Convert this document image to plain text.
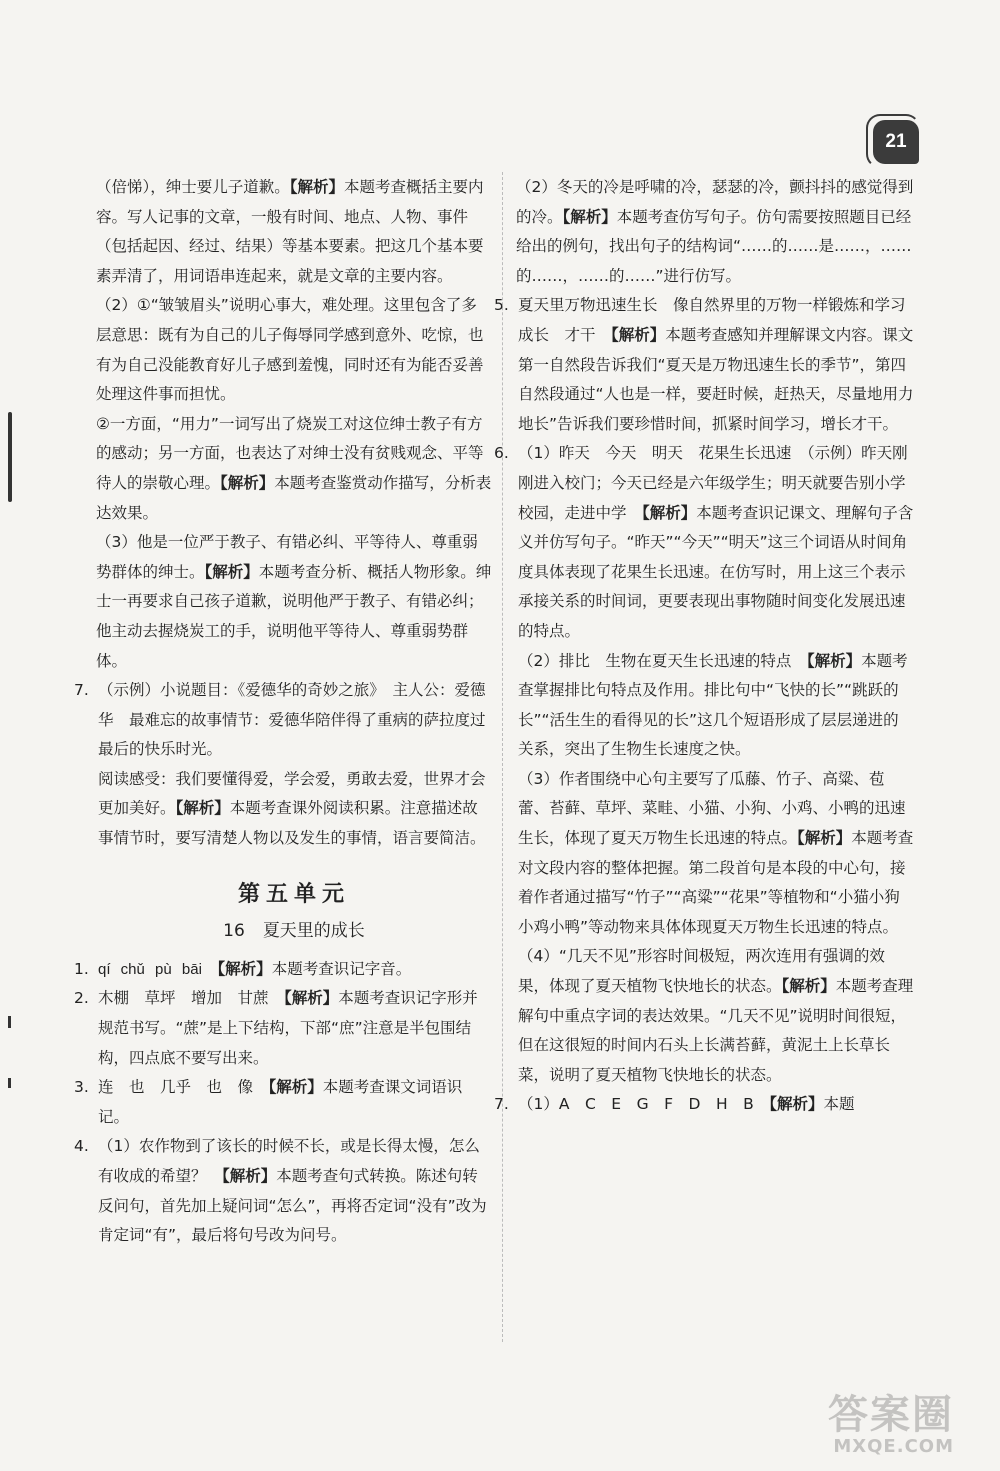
21

（倍悌），绅士要儿子道歉。【解析】本题考查概括主要内容。写人记事的文章，一般有时间、地点、人物、事件（包括起因、经过、结果）等基本要素。把这几个基本要素弄清了，用词语串连起来，就是文章的主要内容。

（2）①“皱皱眉头”说明心事大，难处理。这里包含了多层意思：既有为自己的儿子侮辱同学感到意外、吃惊，也有为自己没能教育好儿子感到羞愧，同时还有为能否妥善处理这件事而担忧。

②一方面，“用力”一词写出了烧炭工对这位绅士教子有方的感动；另一方面，也表达了对绅士没有贫贱观念、平等待人的崇敬心理。【解析】本题考查鉴赏动作描写，分析表达效果。

（3）他是一位严于教子、有错必纠、平等待人、尊重弱势群体的绅士。【解析】本题考查分析、概括人物形象。绅士一再要求自己孩子道歉，说明他严于教子、有错必纠；他主动去握烧炭工的手，说明他平等待人、尊重弱势群体。

7. （示例）小说题目：《爱德华的奇妙之旅》　主人公：爱德华　最难忘的故事情节：爱德华陪伴得了重病的萨拉度过最后的快乐时光。

阅读感受：我们要懂得爱，学会爱，勇敢去爱，世界才会更加美好。【解析】本题考查课外阅读积累。注意描述故事情节时，要写清楚人物以及发生的事情，语言要简洁。

第五单元
16 夏天里的成长
1. qí chǔ pù bāi　 【解析】本题考查识记字音。

2. 木棚　草坪　增加　甘蔗　 【解析】本题考查识记字形并规范书写。“蔗”是上下结构，下部“庶”注意是半包围结构，四点底不要写出来。

3. 连　也　几乎　也　像　 【解析】本题考查课文词语识记。

4. （1）农作物到了该长的时候不长，或是长得太慢，怎么有收成的希望？　 【解析】本题考查句式转换。陈述句转反问句，首先加上疑问词“怎么”，再将否定词“没有”改为肯定词“有”，最后将句号改为问号。

（2）冬天的冷是呼啸的冷，瑟瑟的冷，颤抖抖的感觉得到的冷。【解析】本题考查仿写句子。仿句需要按照题目已经给出的例句，找出句子的结构词“……的……是……，……的……，……的……”进行仿写。

5. 夏天里万物迅速生长　像自然界里的万物一样锻炼和学习　成长　才干　 【解析】本题考查感知并理解课文内容。课文第一自然段告诉我们“夏天是万物迅速生长的季节”，第四自然段通过“人也是一样，要赶时候，赶热天，尽量地用力地长”告诉我们要珍惜时间，抓紧时间学习，增长才干。

6. （1）昨天　今天　明天　花果生长迅速　（示例）昨天刚刚进入校门；今天已经是六年级学生；明天就要告别小学校园，走进中学　 【解析】本题考查识记课文、理解句子含义并仿写句子。“昨天”“今天”“明天”这三个词语从时间角度具体表现了花果生长迅速。在仿写时，用上这三个表示承接关系的时间词，更要表现出事物随时间变化发展迅速的特点。

（2）排比　生物在夏天生长迅速的特点　 【解析】本题考查掌握排比句特点及作用。排比句中“飞快的长”“跳跃的长”“活生生的看得见的长”这几个短语形成了层层递进的关系，突出了生物生长速度之快。

（3）作者围绕中心句主要写了瓜藤、竹子、高粱、苞蕾、苔藓、草坪、菜畦、小猫、小狗、小鸡、小鸭的迅速生长，体现了夏天万物生长迅速的特点。【解析】本题考查对文段内容的整体把握。第二段首句是本段的中心句，接着作者通过描写“竹子”“高粱”“花果”等植物和“小猫小狗小鸡小鸭”等动物来具体体现夏天万物生长迅速的特点。

（4）“几天不见”形容时间极短，两次连用有强调的效果，体现了夏天植物飞快地长的状态。【解析】本题考查理解句中重点字词的表达效果。“几天不见”说明时间很短，但在这很短的时间内石头上长满苔藓，黄泥土上长草长菜，说明了夏天植物飞快地长的状态。

7. （1）A　C　E　G　F　D　H　B　 【解析】本题

答案圈
MXQE.COM
